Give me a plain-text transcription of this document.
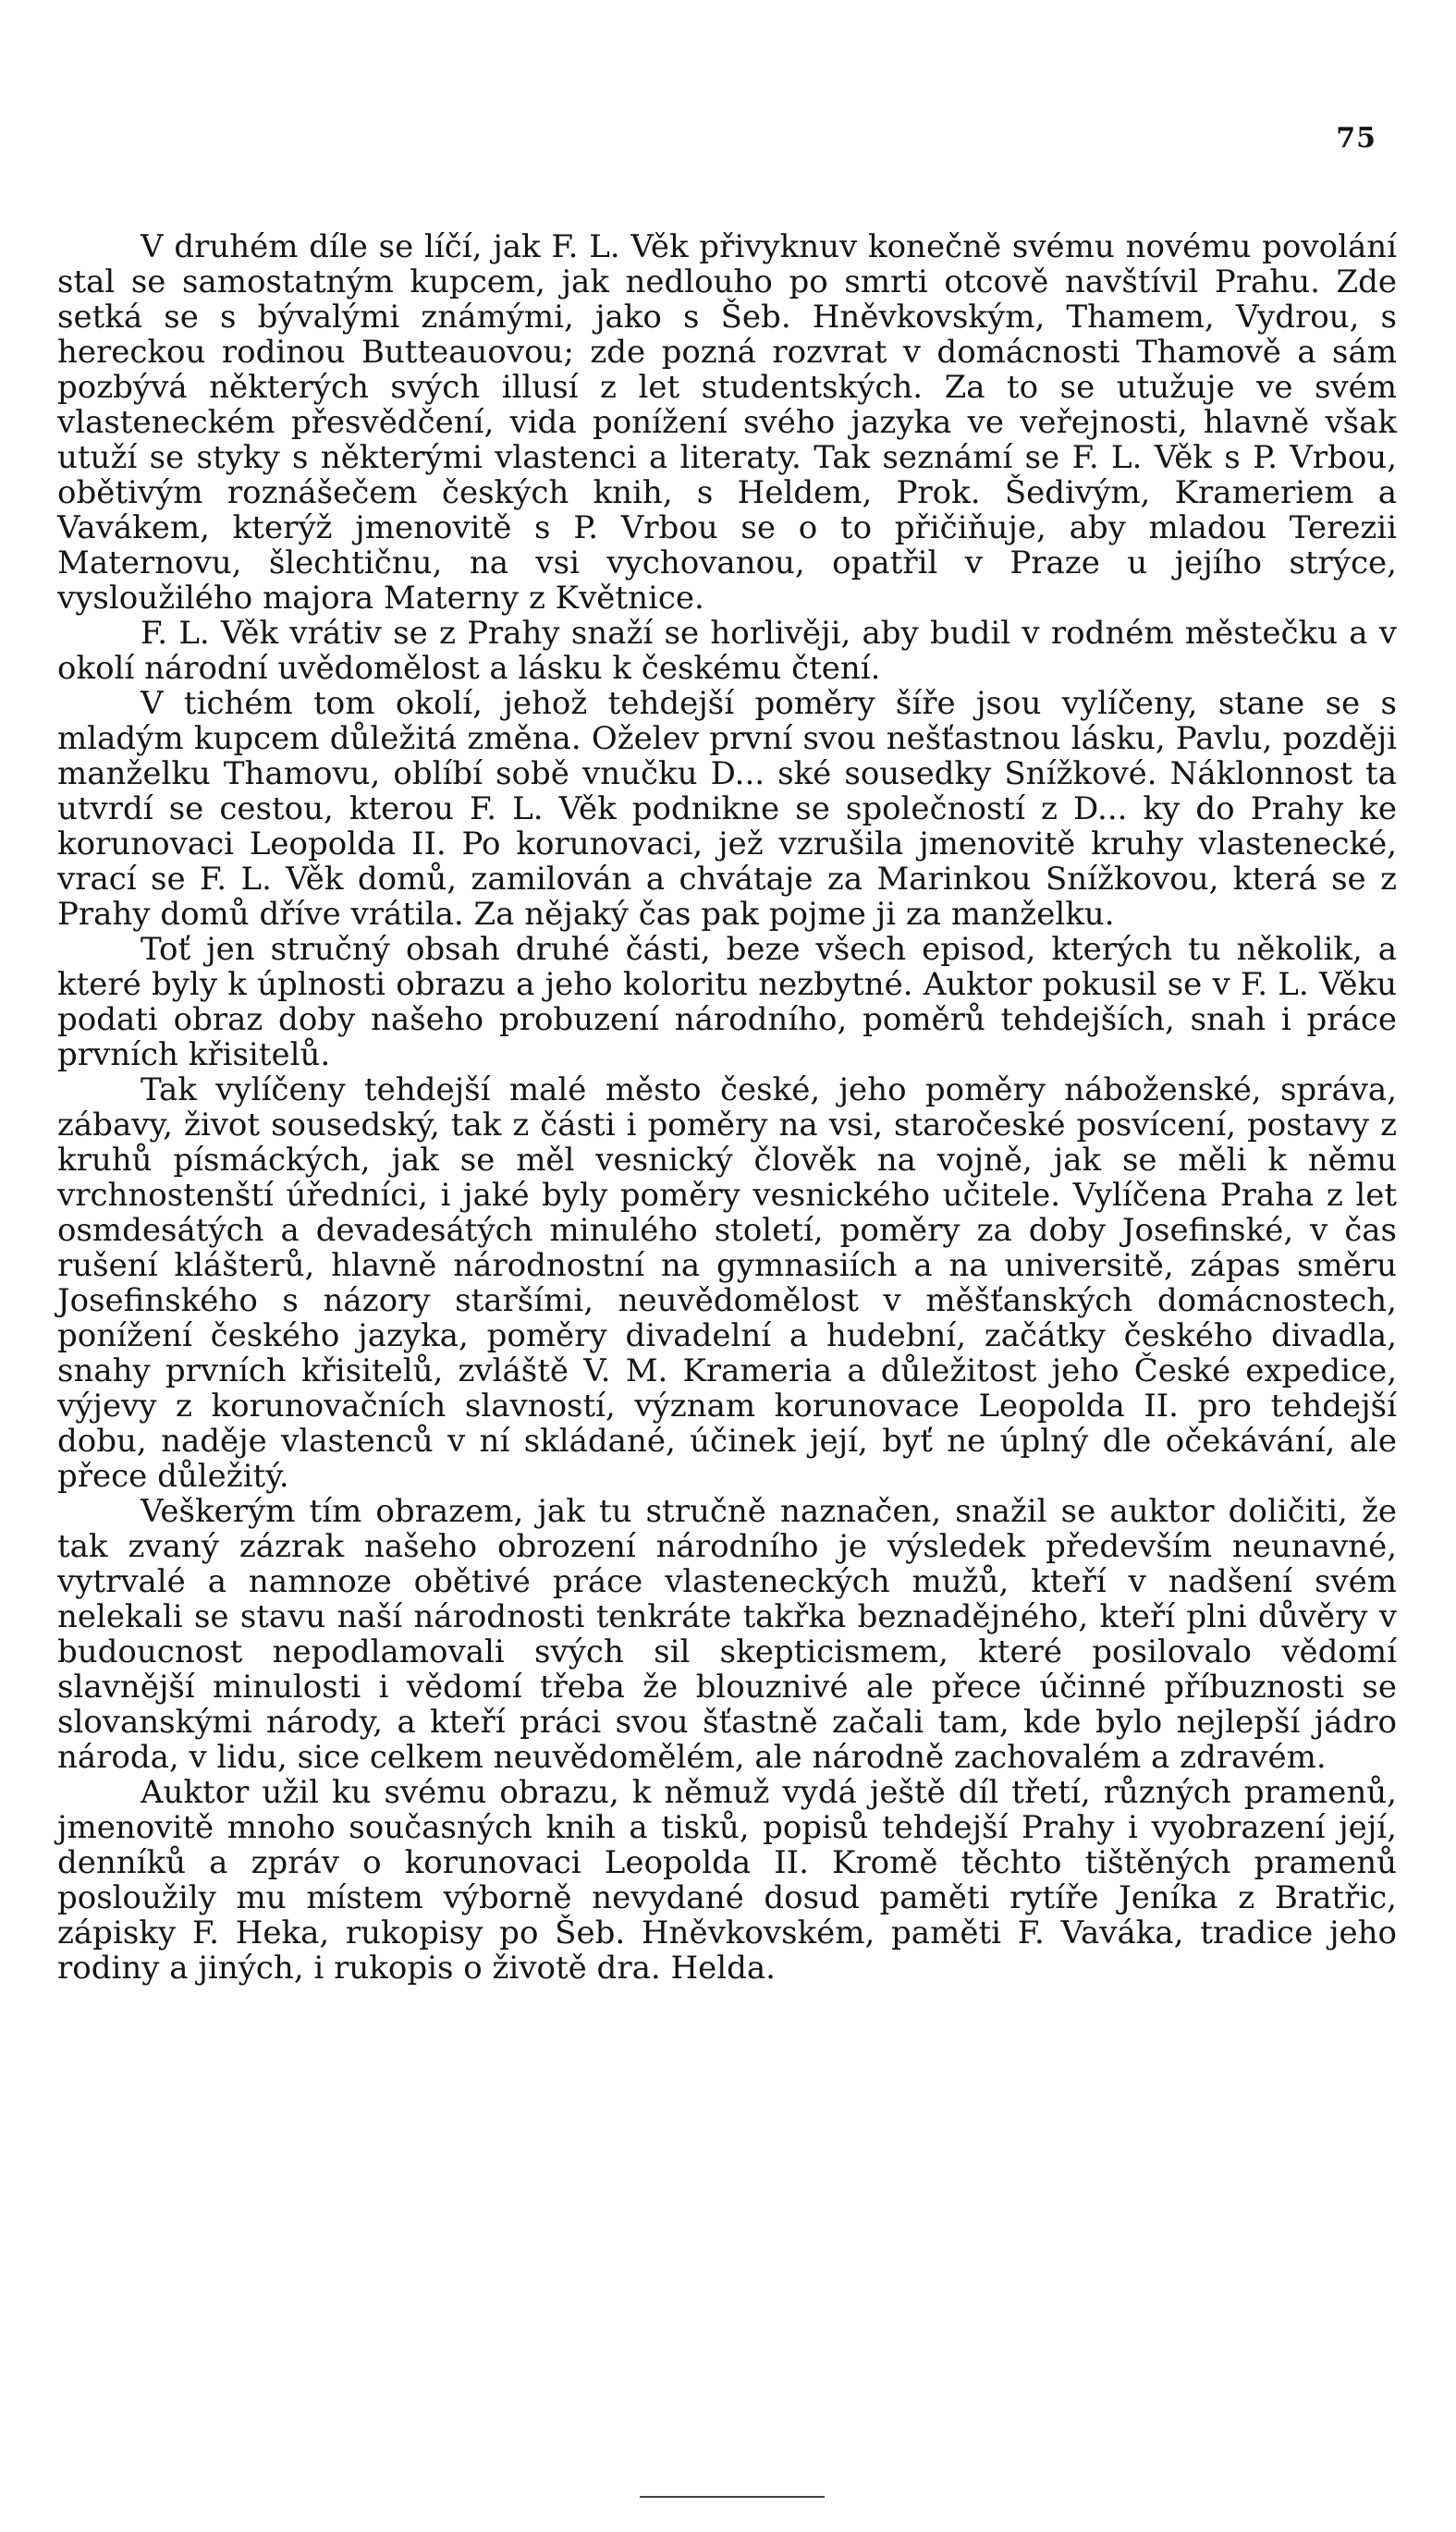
75

V druhém díle se líčí, jak F. L. Věk přivyknuv konečně svému novému povolání stal se samostatným kupcem, jak nedlouho po smrti otcově navštívil Prahu. Zde setká se s bývalými známými, jako s Šeb. Hněvkovským, Thamem, Vydrou, s hereckou rodinou Butteauovou; zde pozná rozvrat v domácnosti Thamově a sám pozbývá některých svých illusí z let studentských. Za to se utužuje ve svém vlasteneckém přesvědčení, vida ponížení svého jazyka ve veřejnosti, hlavně však utuží se styky s některými vlastenci a literaty. Tak seznámí se F. L. Věk s P. Vrbou, obětivým roznášečem českých knih, s Heldem, Prok. Šedivým, Krameriem a Vavákem, kterýž jmenovitě s P. Vrbou se o to přičiňuje, aby mladou Terezii Maternovu, šlechtičnu, na vsi vychovanou, opatřil v Praze u jejího strýce, vysloužilého majora Materny z Květnice.

F. L. Věk vrátiv se z Prahy snaží se horlivěji, aby budil v rodném městečku a v okolí národní uvědomělost a lásku k českému čtení.

V tichém tom okolí, jehož tehdejší poměry šíře jsou vylíčeny, stane se s mladým kupcem důležitá změna. Oželev první svou nešťastnou lásku, Pavlu, později manželku Thamovu, oblíbí sobě vnučku D... ské sousedky Snížkové. Náklonnost ta utvrdí se cestou, kterou F. L. Věk podnikne se společností z D... ky do Prahy ke korunovaci Leopolda II. Po korunovaci, jež vzrušila jmenovitě kruhy vlastenecké, vrací se F. L. Věk domů, zamilován a chvátaje za Marinkou Snížkovou, která se z Prahy domů dříve vrátila. Za nějaký čas pak pojme ji za manželku.

Toť jen stručný obsah druhé části, beze všech episod, kterých tu několik, a které byly k úplnosti obrazu a jeho koloritu nezbytné. Auktor pokusil se v F. L. Věku podati obraz doby našeho probuzení národního, poměrů tehdejších, snah i práce prvních křisitelů.

Tak vylíčeny tehdejší malé město české, jeho poměry náboženské, správa, zábavy, život sousedský, tak z části i poměry na vsi, staročeské posvícení, postavy z kruhů písmáckých, jak se měl vesnický člověk na vojně, jak se měli k němu vrchnostenští úředníci, i jaké byly poměry vesnického učitele. Vylíčena Praha z let osmdesátých a devadesátých minulého století, poměry za doby Josefinské, v čas rušení klášterů, hlavně národnostní na gymnasiích a na universitě, zápas směru Josefinského s názory staršími, neuvědomělost v měšťanských domácnostech, ponížení českého jazyka, poměry divadelní a hudební, začátky českého divadla, snahy prvních křisitelů, zvláště V. M. Krameria a důležitost jeho České expedice, výjevy z korunovačních slavností, význam korunovace Leopolda II. pro tehdejší dobu, naděje vlastenců v ní skládané, účinek její, byť ne úplný dle očekávání, ale přece důležitý.

Veškerým tím obrazem, jak tu stručně naznačen, snažil se auktor doličiti, že tak zvaný zázrak našeho obrození národního je výsledek především neunavné, vytrvalé a namnoze obětivé práce vlasteneckých mužů, kteří v nadšení svém nelekali se stavu naší národnosti tenkráte takřka beznadějného, kteří plni důvěry v budoucnost nepodlamovali svých sil skepticismem, které posilovalo vědomí slavnější minulosti i vědomí třeba že blouznivé ale přece účinné příbuznosti se slovanskými národy, a kteří práci svou šťastně začali tam, kde bylo nejlepší jádro národa, v lidu, sice celkem neuvědomělém, ale národně zachovalém a zdravém.

Auktor užil ku svému obrazu, k němuž vydá ještě díl třetí, různých pramenů, jmenovitě mnoho současných knih a tisků, popisů tehdejší Prahy i vyobrazení její, denníků a zpráv o korunovaci Leopolda II. Kromě těchto tištěných pramenů posloužily mu místem výborně nevydané dosud paměti rytíře Jeníka z Bratřic, zápisky F. Heka, rukopisy po Šeb. Hněvkovském, paměti F. Vaváka, tradice jeho rodiny a jiných, i rukopis o životě dra. Helda.
